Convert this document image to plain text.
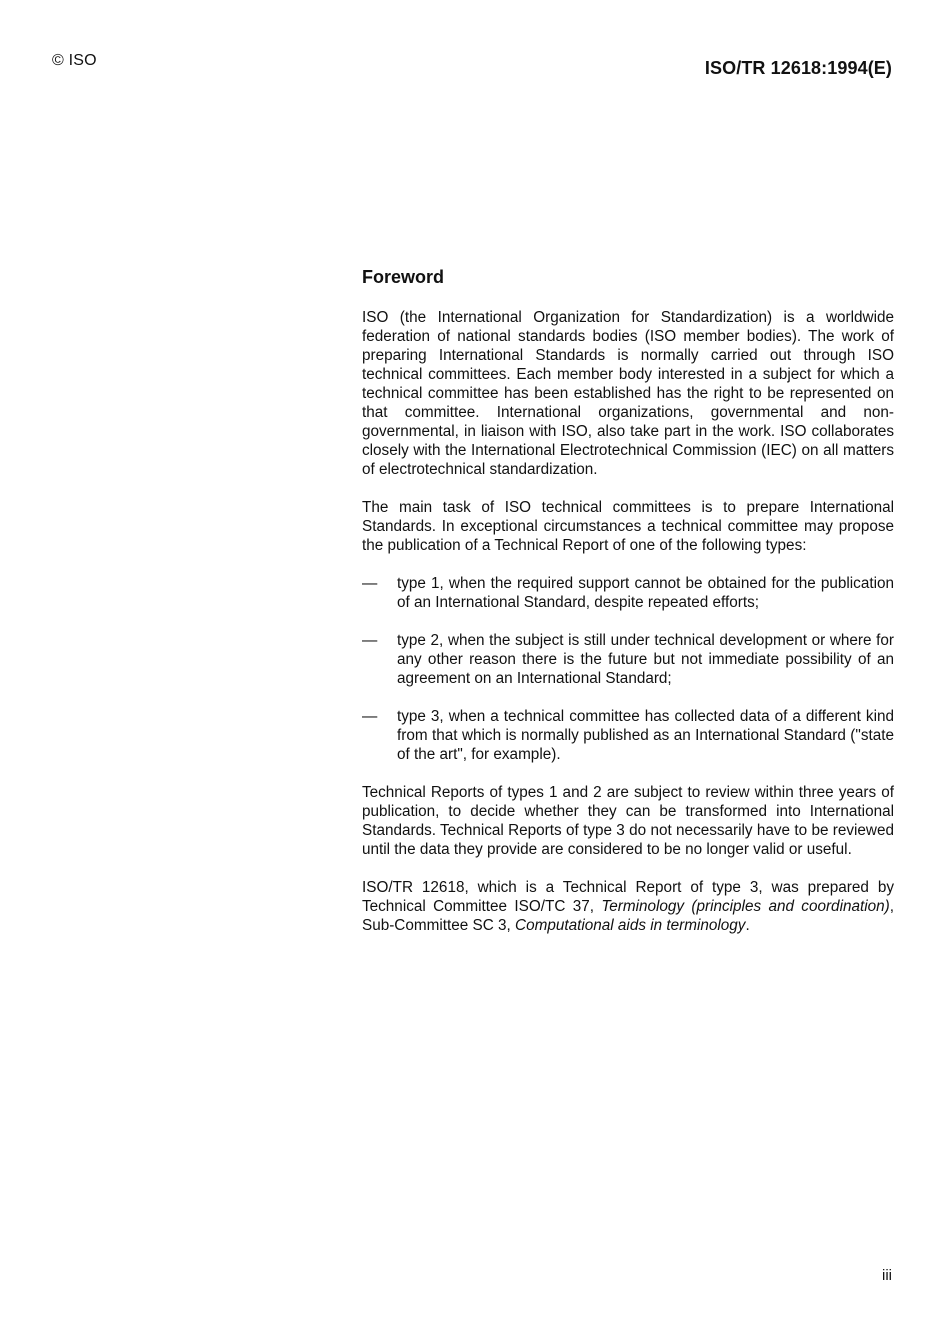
© ISO	ISO/TR 12618:1994(E)
Foreword

ISO (the International Organization for Standardization) is a worldwide federation of national standards bodies (ISO member bodies). The work of preparing International Standards is normally carried out through ISO technical committees. Each member body interested in a subject for which a technical committee has been established has the right to be represented on that committee. International organizations, governmental and non-governmental, in liaison with ISO, also take part in the work. ISO collaborates closely with the International Electrotechnical Commission (IEC) on all matters of electrotechnical standardization.

The main task of ISO technical committees is to prepare International Standards. In exceptional circumstances a technical committee may propose the publication of a Technical Report of one of the following types:

—	type 1, when the required support cannot be obtained for the publication of an International Standard, despite repeated efforts;
—	type 2, when the subject is still under technical development or where for any other reason there is the future but not immediate possibility of an agreement on an International Standard;
—	type 3, when a technical committee has collected data of a different kind from that which is normally published as an International Standard ("state of the art", for example).

Technical Reports of types 1 and 2 are subject to review within three years of publication, to decide whether they can be transformed into International Standards. Technical Reports of type 3 do not necessarily have to be reviewed until the data they provide are considered to be no longer valid or useful.

ISO/TR 12618, which is a Technical Report of type 3, was prepared by Technical Committee ISO/TC 37, Terminology (principles and coordination), Sub-Committee SC 3, Computational aids in terminology.

iii
